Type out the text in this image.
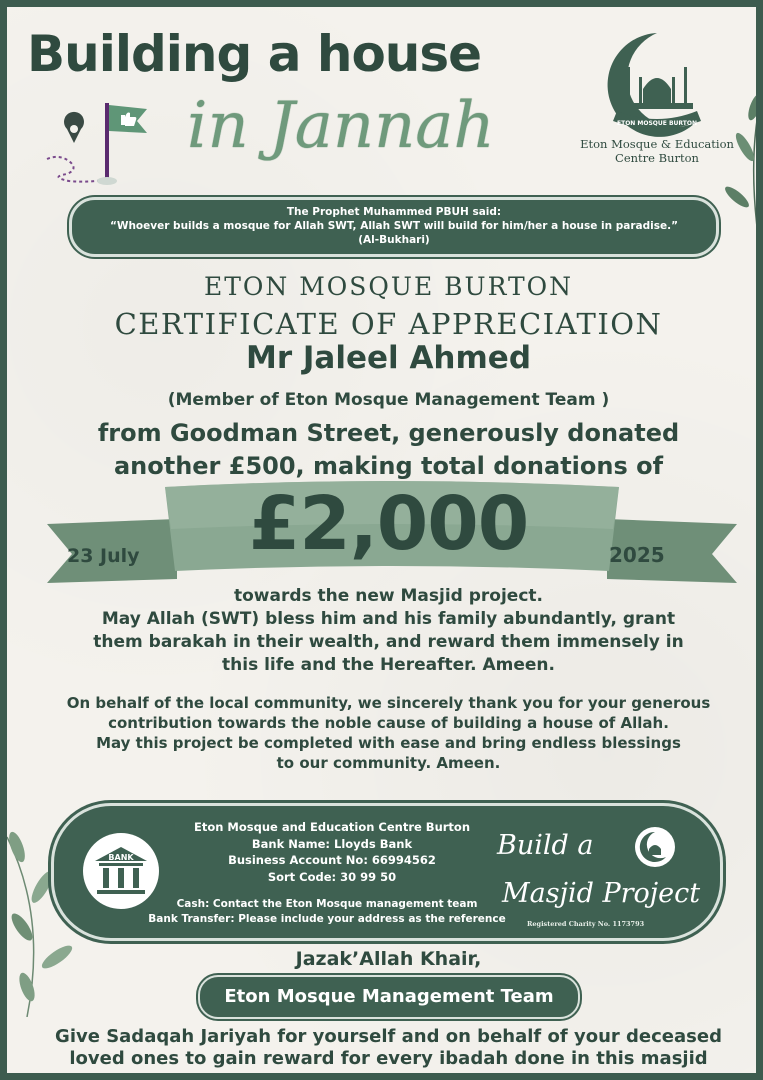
Building a house
in Jannah	ETON MOSQUE BURTON
Eton Mosque & Education
Centre Burton
The Prophet Muhammed PBUH said:
“Whoever builds a mosque for Allah SWT, Allah SWT will build for him/her a house in paradise.”
(Al-Bukhari)
ETON MOSQUE BURTON
CERTIFICATE OF APPRECIATION
Mr Jaleel Ahmed
(Member of Eton Mosque Management Team )
from Goodman Street, generously donated
another £500, making total donations of
£2,000
23 July	2025
towards the new Masjid project.
May Allah (SWT) bless him and his family abundantly, grant
them barakah in their wealth, and reward them immensely in
this life and the Hereafter. Ameen.
On behalf of the local community, we sincerely thank you for your generous
contribution towards the noble cause of building a house of Allah.
May this project be completed with ease and bring endless blessings
to our community. Ameen.
BANK
Eton Mosque and Education Centre Burton
Bank Name: Lloyds Bank
Business Account No: 66994562
Sort Code: 30 99 50
Cash: Contact the Eton Mosque management team
Bank Transfer: Please include your address as the reference
Build a
Masjid Project
Registered Charity No. 1173793
Jazak’Allah Khair,
Eton Mosque Management Team
Give Sadaqah Jariyah for yourself and on behalf of your deceased
loved ones to gain reward for every ibadah done in this masjid
